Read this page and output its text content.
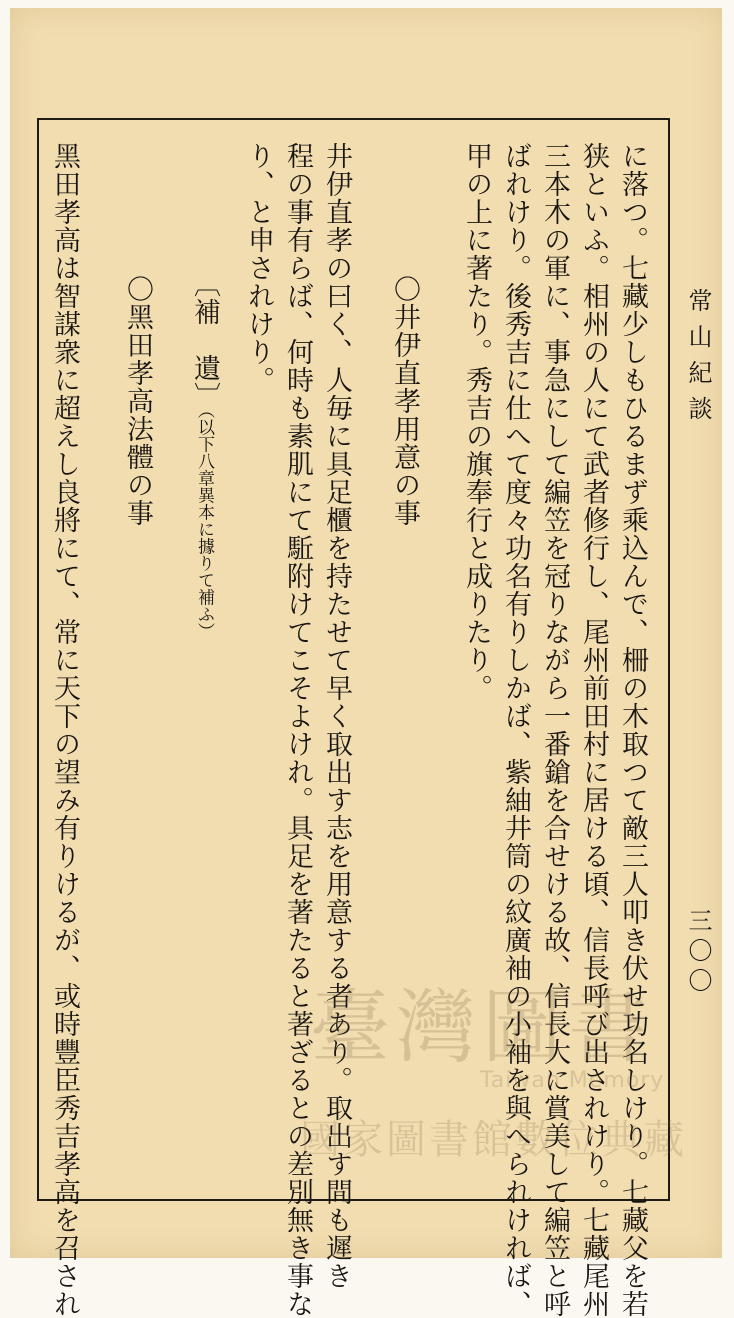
常山紀談
三〇〇
に落つ。七藏少しもひるまず乘込んで、柵の木取つて敵三人叩き伏せ功名しけり。七藏父を若
狭といふ。相州の人にて武者修行し、尾州前田村に居ける頃、信長呼び出されけり。七藏尾州
三本木の軍に、事急にして編笠を冠りながら一番鎗を合せける故、信長大に賞美して編笠と呼
ばれけり。後秀吉に仕へて度々功名有りしかば、紫紬井筒の紋廣袖の小袖を與へられければ、
甲の上に著たり。秀吉の旗奉行と成りたり。
〇井伊直孝用意の事
井伊直孝の曰く、人毎に具足櫃を持たせて早く取出す志を用意する者あり。取出す間も遲き
程の事有らば、何時も素肌にて駈附けてこそよけれ。具足を著たると著ざるとの差別無き事な
り、と申されけり。
〔補　遺〕（以下八章異本に據りて補ふ）
〇黑田孝高法體の事
黑田孝高は智謀衆に超えし良將にて、常に天下の望み有りけるが、或時豐臣秀吉孝高を召され	臺灣圖書
Taiwan Memory
國家圖書館數位典藏
